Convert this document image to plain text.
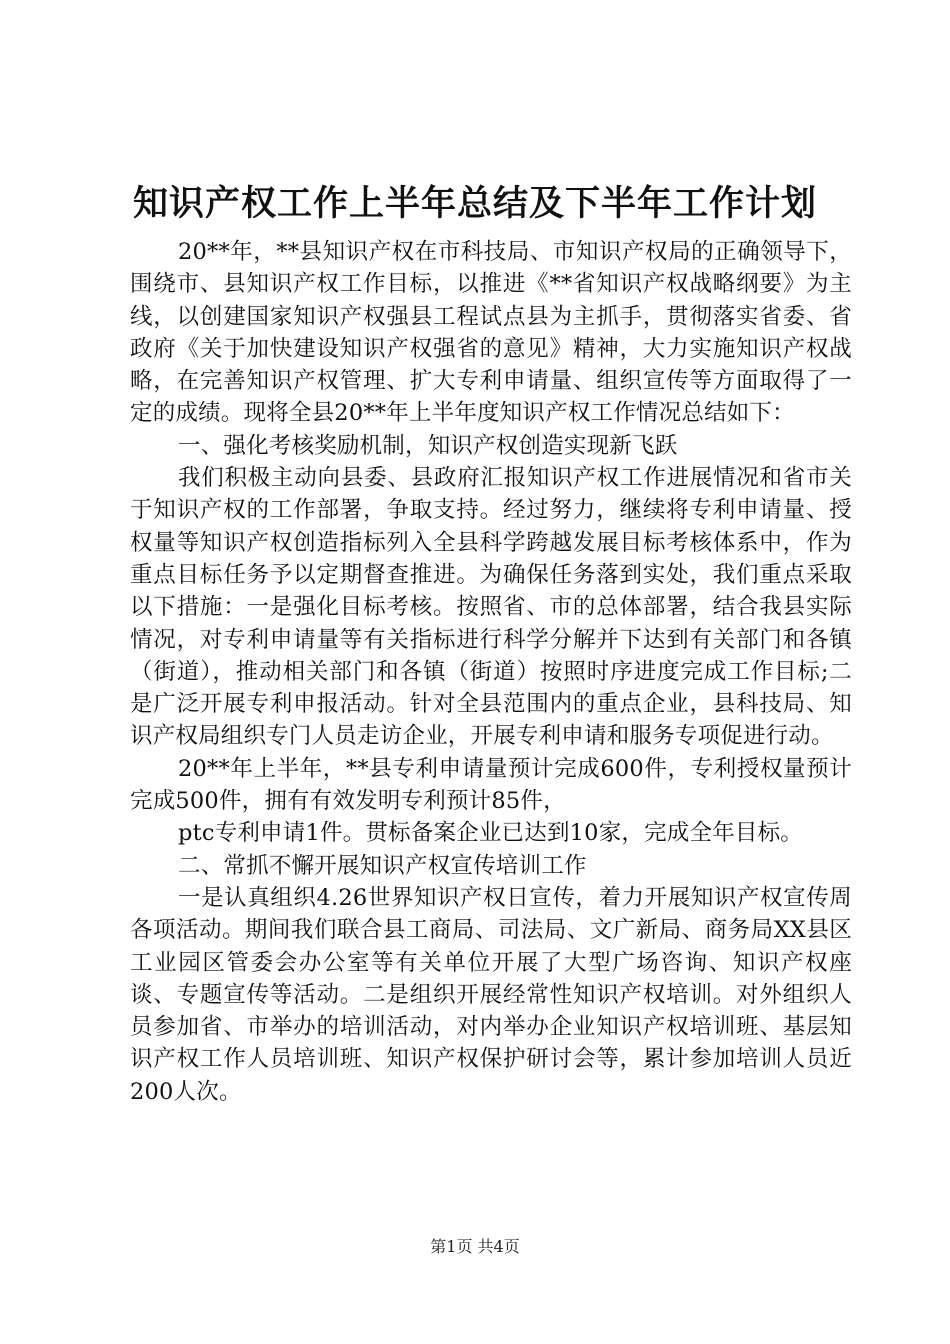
知识产权工作上半年总结及下半年工作计划

20**年，**县知识产权在市科技局、市知识产权局的正确领导下，围绕市、县知识产权工作目标，以推进《**省知识产权战略纲要》为主线，以创建国家知识产权强县工程试点县为主抓手，贯彻落实省委、省政府《关于加快建设知识产权强省的意见》精神，大力实施知识产权战略，在完善知识产权管理、扩大专利申请量、组织宣传等方面取得了一定的成绩。现将全县20**年上半年度知识产权工作情况总结如下：

一、强化考核奖励机制，知识产权创造实现新飞跃

我们积极主动向县委、县政府汇报知识产权工作进展情况和省市关于知识产权的工作部署，争取支持。经过努力，继续将专利申请量、授权量等知识产权创造指标列入全县科学跨越发展目标考核体系中，作为重点目标任务予以定期督查推进。为确保任务落到实处，我们重点采取以下措施：一是强化目标考核。按照省、市的总体部署，结合我县实际情况，对专利申请量等有关指标进行科学分解并下达到有关部门和各镇（街道），推动相关部门和各镇（街道）按照时序进度完成工作目标;二是广泛开展专利申报活动。针对全县范围内的重点企业，县科技局、知识产权局组织专门人员走访企业，开展专利申请和服务专项促进行动。

20**年上半年，**县专利申请量预计完成600件，专利授权量预计完成500件，拥有有效发明专利预计85件，

ptc专利申请1件。贯标备案企业已达到10家，完成全年目标。

二、常抓不懈开展知识产权宣传培训工作

一是认真组织4.26世界知识产权日宣传，着力开展知识产权宣传周各项活动。期间我们联合县工商局、司法局、文广新局、商务局XX县区工业园区管委会办公室等有关单位开展了大型广场咨询、知识产权座谈、专题宣传等活动。二是组织开展经常性知识产权培训。对外组织人员参加省、市举办的培训活动，对内举办企业知识产权培训班、基层知识产权工作人员培训班、知识产权保护研讨会等，累计参加培训人员近200人次。

第1页 共4页
